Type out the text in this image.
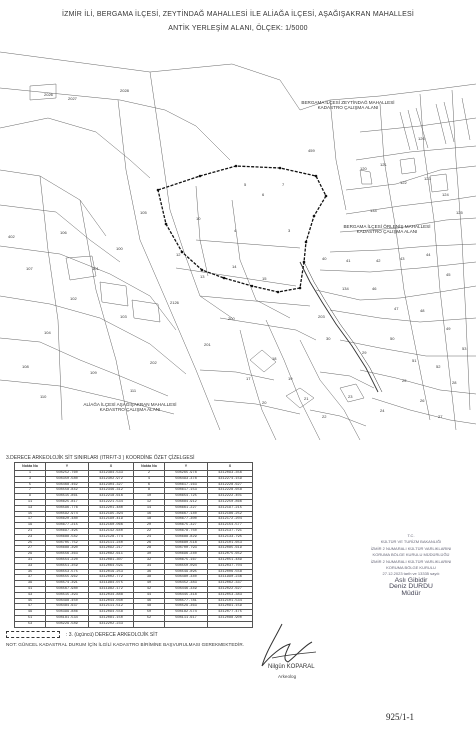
İZMİR İLİ, BERGAMA İLÇESİ, ZEYTİNDAĞ MAHALLESİ İLE ALİAĞA İLÇESİ, AŞAĞIŞAKRAN MAHALLESİ
ANTİK YERLEŞİM ALANI, ÖLÇEK: 1/5000
402
2126
459
134
134
3
4
5
6
7
10
12
13
14
15
17
18
19
20
21
22
23
24
25
26
27
28
29
30
100
101
102
103
104
105
106
107
108
109
110
111
120
121
122
123
124
125
126
40	41	42	43
44
45
46
47	48
49
50
51
52
53
2026
2027
2028
200
201
202
203
BERGAMA İLÇESİ ZEYTİNDAĞ MAHALLESİ
KADASTRO ÇALIŞMA ALANI
BERGAMA İLÇESİ ÖRLENİŞ MAHALLESİ
KADASTRO ÇALIŞMA ALANI
ALİAĞA İLÇESİ AŞAĞIŞAKRAN MAHALLESİ
KADASTRO ÇALIŞMA ALANI
3.DERECE ARKEOLOJİK SİT SINIRLARI (ITRF/T-3 ) KOORDİNE ÖZET ÇİZELGESİ
Nokta No	Y	X	Nokta No	Y	X
1	508252.760	4312384.533	2	508265.978	4312093.356
3	508350.580	4312302.972	4	508493.378	4312274.159
5	508468.462	4312304.327	6	508617.163	4312228.627
7	508558.842	4312346.312	8	508617.153	4312228.658
9	508515.861	4312218.616	10	508654.725	4312222.401
11	508625.817	4312221.534	12	508884.912	4312250.866
13	508596.776	4312201.480	14	508661.227	4312197.215
15	508592.974	4312195.394	16	508667.140	4312186.252
17	508620.480	4312190.419	18	508677.300	4312172.204
19	508677.215	4312160.066	20	508675.327	4312154.577
21	508697.495	4312142.640	22	508678.750	4312137.791
23	508688.582	4312128.774	24	508688.829	4312133.795
25	508705.752	4312111.240	26	508680.518	4312101.653
27	508688.390	4312092.217	28	508700.793	4312085.619
29	508556.363	4312082.611	30	508696.240	4312075.652
31	508554.220	4312081.307	32	508675.167	4312051.489
33	508551.359	4312064.591	34	508550.094	4312037.704
35	508553.575	4312019.253	36	508549.895	4312006.558
37	508555.962	4312002.772	38	508480.340	4311990.236
39	508574.391	4311984.075	40	508452.383	4312062.337
41	508567.980	4311982.172	42	508446.349	4312022.627
43	508515.393	4312034.888	44	508445.318	4312053.383
45	508498.450	4312044.030	46	508577.781	4312101.534
47	508484.637	4312111.512	48	508529.363	4312091.159
49	508399.886	4312094.558	50	508182.574	4312077.475
51	508181.534	4312081.150	52	508111.617	4312088.900
53	508229.589	4312202.233			
: 3. (üçüncü) DERECE ARKEOLOJİK SİT
NOT: GÜNCEL KADASTRAL DURUM İÇİN İLGİLİ KADASTRO BİRİMİNE BAŞVURULMASI GEREKMEKTEDİR.
T.C.
KÜLTÜR VE TURİZM BAKANLIĞI
İZMİR 2 NUMARALI KÜLTÜR VARLIKLARINI
KORUMA BÖLGE KURULU MÜDÜRLÜĞÜ
İZMİR 2 NUMARALI KÜLTÜR VARLIKLARINI
KORUMA BÖLGE KURULU
27.12.2023 tarih ve 13335 sayılı
Aslı Gibidir
Deniz DURDU
Müdür
Nilgün KOPARAL
Arkeolog
925/1-1
